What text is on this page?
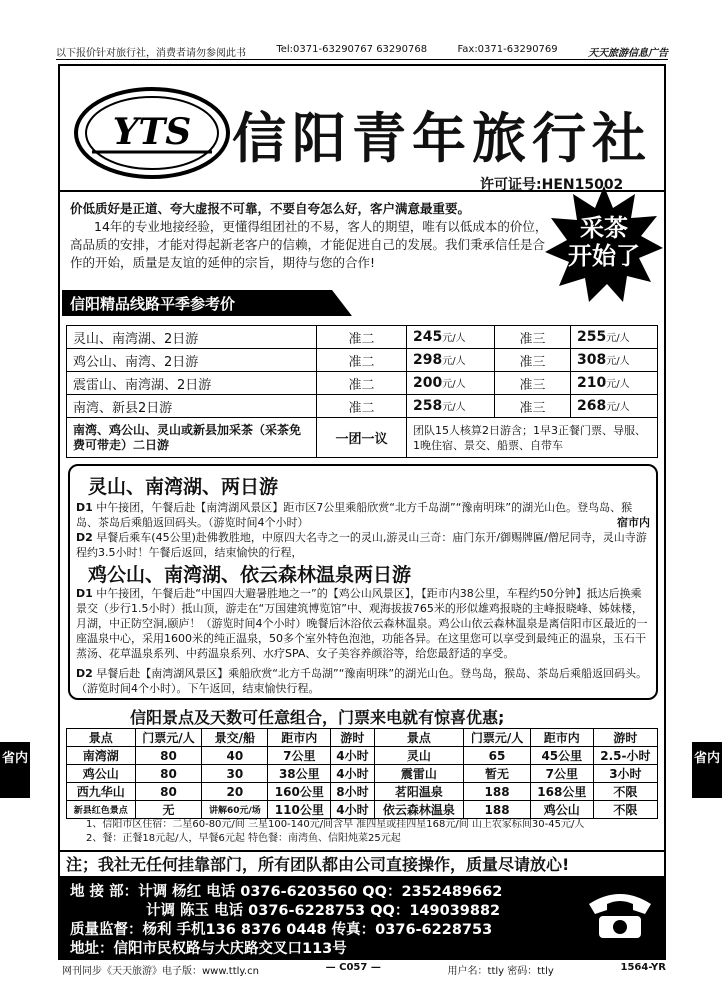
以下报价针对旅行社，消费者请勿参阅此书	Tel:0371-63290767 63290768	Fax:0371-63290769	天天旅游信息广告
YTS 信阳青年旅行社
许可证号:HEN15002
价低质好是正道、夸大虚报不可靠，不要自夸怎么好，客户满意最重要。

14年的专业地接经验，更懂得组团社的不易，客人的期望，唯有以低成本的价位，高品质的安排，才能对得起新老客户的信赖，才能促进自己的发展。我们秉承信任是合作的开始，质量是友谊的延伸的宗旨，期待与您的合作!

采茶
开始了
信阳精品线路平季参考价
灵山、南湾湖、2日游	准二	245元/人	准三	255元/人
鸡公山、南湾、2日游	准二	298元/人	准三	308元/人
震雷山、南湾湖、2日游	准二	200元/人	准三	210元/人
南湾、新县2日游	准二	258元/人	准三	268元/人
南湾、鸡公山、灵山或新县加采茶（采茶免费可带走）二日游	一团一议	团队15人核算2日游含；1早3正餐门票、导服、1晚住宿、景交、船票、自带车		
灵山、南湾湖、两日游
D1 中午接团，午餐后赴【南湾湖风景区】距市区7公里乘船欣赏“北方千岛湖”“豫南明珠”的湖光山色。登鸟岛、猴岛、茶岛后乘船返回码头。（游览时间4个小时）	宿市内
D2 早餐后乘车(45公里)赴佛教胜地，中原四大名寺之一的灵山,游灵山三奇：庙门东开/御赐牌匾/僧尼同寺，灵山寺游程约3.5小时！午餐后返回，结束愉快的行程，
鸡公山、南湾湖、依云森林温泉两日游
D1 中午接团，午餐后赴“中国四大避暑胜地之一”的【鸡公山风景区】，【距市内38公里，车程约50分钟】抵达后换乘景交（步行1.5小时）抵山顶，游走在“万国建筑博览馆”中、观海拔拔765米的形似雄鸡报晓的主峰报晓峰、姊妹楼，月湖，中正防空洞,颐庐！（游览时间4个小时）晚餐后沐浴依云森林温泉。鸡公山依云森林温泉是离信阳市区最近的一座温泉中心，采用1600米的纯正温泉，50多个室外特色泡池，功能各异。在这里您可以享受到最纯正的温泉，玉石干蒸汤、花草温泉系列、中药温泉系列、水疗SPA、女子美容养颜浴等，给您最舒适的享受。
D2 早餐后赴【南湾湖风景区】乘船欣赏“北方千岛湖”“豫南明珠”的湖光山色。登鸟岛，猴岛、茶岛后乘船返回码头。（游览时间4个小时）。下午返回，结束愉快行程。
信阳景点及天数可任意组合，门票来电就有惊喜优惠;
景点	门票元/人	景交/船	距市内	游时	景点	门票元/人	距市内	游时
南湾湖	80	40	7公里	4小时	灵山	65	45公里	2.5-小时
鸡公山	80	30	38公里	4小时	震雷山	暂无	7公里	3小时
西九华山	80	20	160公里	8小时	茗阳温泉	188	168公里	不限
新县红色景点	无	讲解60元/场	110公里	4小时	依云森林温泉	188	鸡公山	不限
1、信阳市区住宿：二星60-80元/间 三星100-140元/间含早 准四星或挂四星168元/间 山上农家标间30-45元/人
2、餐：正餐18元起/人，早餐6元起 特色餐：南湾鱼、信阳炖菜25元起
注；我社无任何挂靠部门，所有团队都由公司直接操作，质量尽请放心!
地 接 部：计调 杨红 电话 0376-6203560 QQ：2352489662
计调 陈玉 电话 0376-6228753 QQ：149039882
质量监督：杨利 手机136 8376 0448 传真：0376-6228753
地址：信阳市民权路与大庆路交叉口113号
省内	省内
网刊同步《天天旅游》电子版：www.ttly.cn	— C057 —	用户名：ttly 密码：ttly	1564-YR
